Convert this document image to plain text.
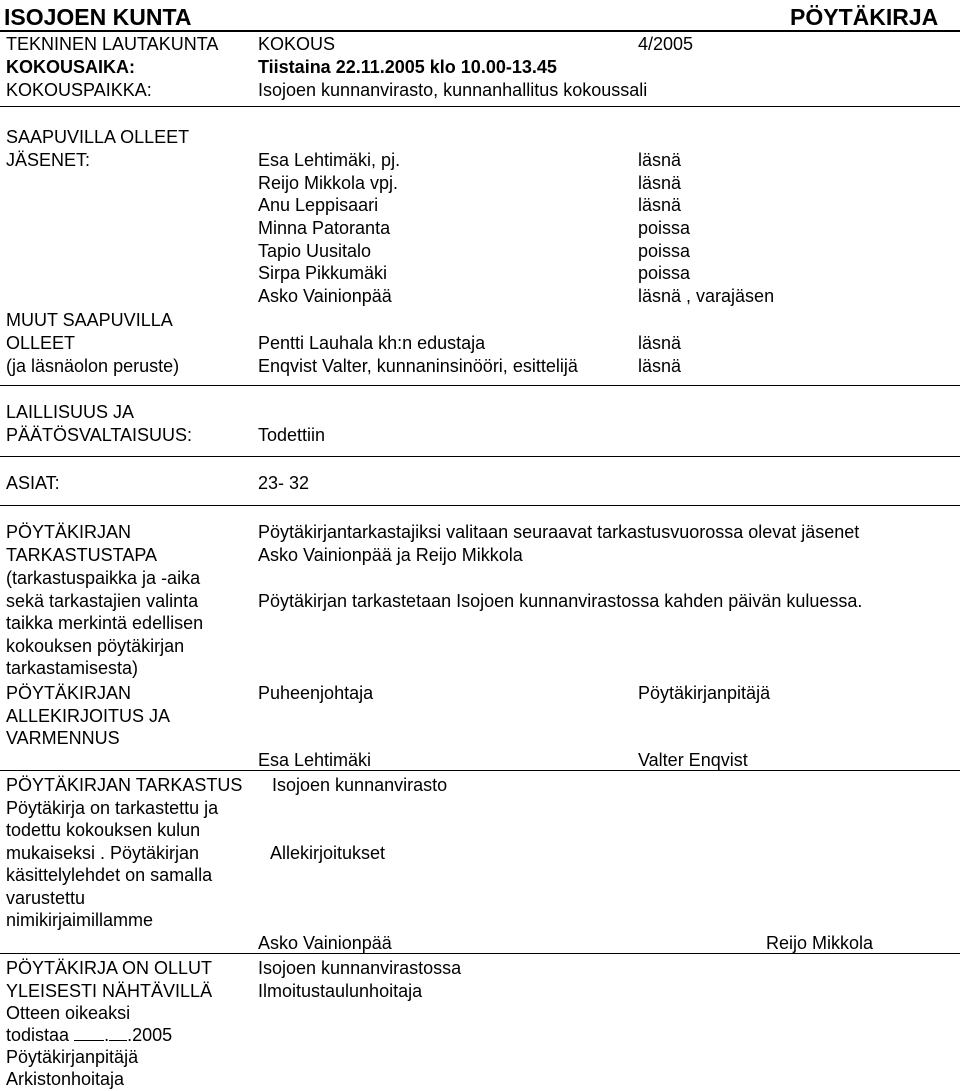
ISOJOEN KUNTA	PÖYTÄKIRJA
TEKNINEN LAUTAKUNTA KOKOUS	4/2005
KOKOUSAIKA:	Tiistaina 22.11.2005 klo 10.00-13.45
KOKOUSPAIKKA:	Isojoen kunnanvirasto, kunnanhallitus kokoussali
SAAPUVILLA OLLEET
JÄSENET:	Esa Lehtimäki, pj.	läsnä
Reijo Mikkola vpj.	läsnä
Anu Leppisaari	läsnä
Minna Patoranta	poissa
Tapio Uusitalo	poissa
Sirpa Pikkumäki	poissa
Asko Vainionpää	läsnä , varajäsen
MUUT SAAPUVILLA
OLLEET
(ja läsnäolon peruste)
Pentti Lauhala kh:n edustaja	läsnä
Enqvist Valter, kunnaninsinööri, esittelijä	läsnä
LAILLISUUS JA
PÄÄTÖSVALTAISUUS:	Todettiin
ASIAT:	23- 32
PÖYTÄKIRJAN
TARKASTUSTAPA
(tarkastuspaikka ja -aika
sekä tarkastajien valinta
taikka merkintä edellisen
kokouksen pöytäkirjan
tarkastamisesta)
Pöytäkirjantarkastajiksi valitaan seuraavat tarkastusvuorossa olevat jäsenet
Asko Vainionpää ja Reijo Mikkola
Pöytäkirjan tarkastetaan Isojoen kunnanvirastossa kahden päivän kuluessa.
PÖYTÄKIRJAN
ALLEKIRJOITUS JA
VARMENNUS
Puheenjohtaja	Pöytäkirjanpitäjä
Esa Lehtimäki	Valter Enqvist
PÖYTÄKIRJAN TARKASTUS Isojoen kunnanvirasto
Pöytäkirja on tarkastettu ja
todettu kokouksen kulun
mukaiseksi . Pöytäkirjan
käsittelylehdet on samalla
varustettu
nimikirjaimillamme
Allekirjoitukset
Asko Vainionpää	Reijo Mikkola
PÖYTÄKIRJA ON OLLUT
YLEISESTI NÄHTÄVILLÄ
Isojoen kunnanvirastossa
Ilmoitustaulunhoitaja
Otteen oikeaksi
todistaa . .2005
Pöytäkirjanpitäjä
Arkistonhoitaja
